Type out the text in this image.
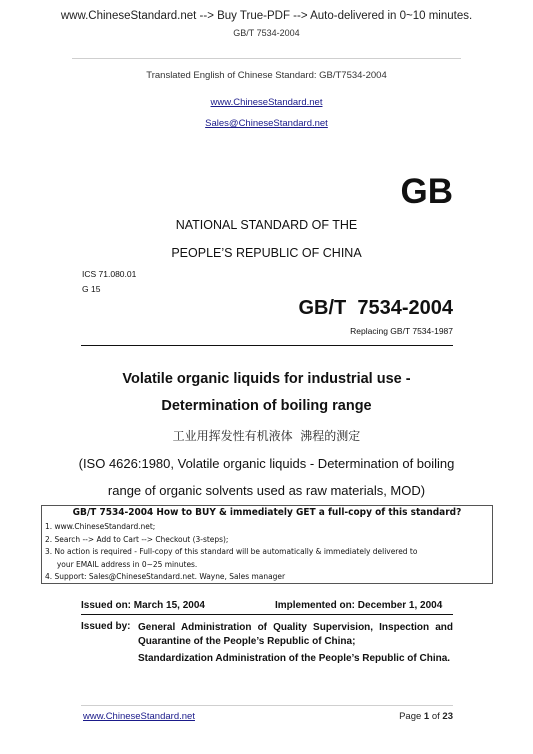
www.ChineseStandard.net --> Buy True-PDF --> Auto-delivered in 0~10 minutes.
GB/T 7534-2004
Translated English of Chinese Standard: GB/T7534-2004
www.ChineseStandard.net
Sales@ChineseStandard.net
GB
NATIONAL STANDARD OF THE
PEOPLE’S REPUBLIC OF CHINA
ICS 71.080.01
G 15
GB/T  7534-2004
Replacing GB/T 7534-1987
Volatile organic liquids for industrial use -
Determination of boiling range
工业用挥发性有机液体  沸程的测定
(ISO 4626:1980, Volatile organic liquids - Determination of boiling
range of organic solvents used as raw materials, MOD)
GB/T 7534-2004 How to BUY & immediately GET a full-copy of this standard?
1. www.ChineseStandard.net;
2. Search --> Add to Cart --> Checkout (3-steps);
3. No action is required - Full-copy of this standard will be automatically & immediately delivered to
your EMAIL address in 0~25 minutes.
4. Support: Sales@ChineseStandard.net. Wayne, Sales manager
Issued on: March 15, 2004	Implemented on: December 1, 2004
Issued by: General Administration of Quality Supervision, Inspection and Quarantine of the People’s Republic of China;
Standardization Administration of the People’s Republic of China.
www.ChineseStandard.net	Page 1 of 23
